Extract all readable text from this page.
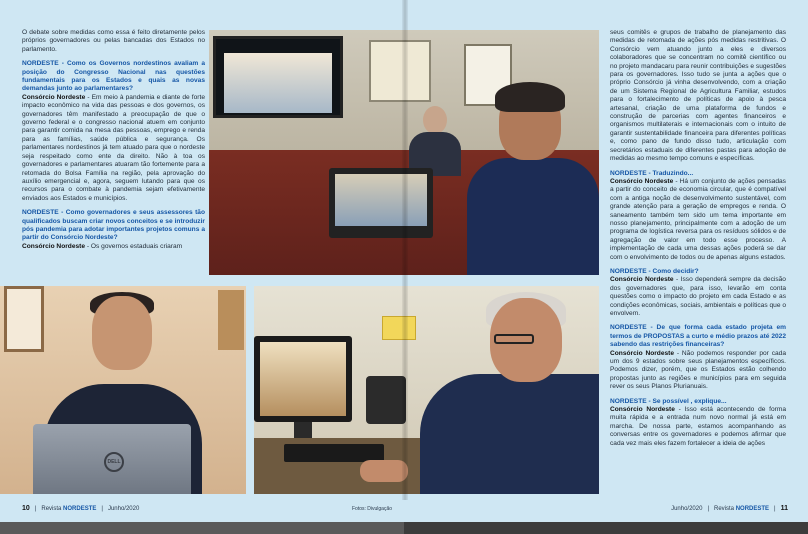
O debate sobre medidas como essa é feito diretamente pelos próprios governadores ou pelas bancadas dos Estados no parlamento.

NORDESTE - Como os Governos nordestinos avaliam a posição do Congresso Nacional nas questões fundamentais para os Estados e quais as novas demandas junto ao parlamentares?
Consórcio Nordeste - Em meio à pandemia e diante de forte impacto econômico na vida das pessoas e dos governos, os governadores têm manifestado a preocupação de que o governo federal e o congresso nacional atuem em conjunto para garantir comida na mesa das pessoas, emprego e renda para as famílias, saúde pública e segurança. Os parlamentares nordestinos já tem atuado para que o nordeste seja respeitado como ente da direito. Não à toa os governadores e parlamentares atuaram tão fortemente para a retomada do Bolsa Família na região, pela aprovação do auxílio emergencial e, agora, seguem lutando para que os recursos para o combate à pandemia sejam efetivamente enviados aos Estados e municípios.

NORDESTE - Como governadores e seus assessores tão qualificados buscam criar novos conceitos e se introduzir pós pandemia para adotar importantes projetos comuns a partir do Consórcio Nordeste?
Consórcio Nordeste - Os governos estaduais criaram

DELL

seus comitês e grupos de trabalho de planejamento das medidas de retomada de ações pós medidas restritivas. O Consórcio vem atuando junto a eles e diversos colaboradores que se concentram no comitê científico ou no projeto mandacaru para reunir contribuições e sugestões para os governadores. Isso tudo se junta a ações que o próprio Consórcio já vinha desenvolvendo, com a criação de um Sistema Regional de Agricultura Familiar, estudos para o fortalecimento de políticas de apoio à pesca artesanal, criação de uma plataforma de fundos e construção de parcerias com agentes financeiros e organismos multilaterais e internacionais com o intuito de garantir sustentabilidade financeira para diferentes políticas e, como pano de fundo disso tudo, articulação com secretários estaduais de diferentes pastas para adoção de medidas ao mesmo tempo comuns e específicas.

NORDESTE - Traduzindo...
Consórcio Nordeste - Há um conjunto de ações pensadas a partir do conceito de economia circular, que é compatível com a antiga noção de desenvolvimento sustentável, com grande atenção para a geração de empregos e renda. O saneamento também tem sido um tema importante em nosso planejamento, principalmente com a adoção de um programa de logística reversa para os resíduos sólidos e de agregação de valor em todo esse processo. A implementação de cada uma dessas ações poderá se dar com o envolvimento de todos ou de apenas alguns estados.

NORDESTE - Como decidir?
Consórcio Nordeste - Isso dependerá sempre da decisão dos governadores que, para isso, levarão em conta questões como o impacto do projeto em cada Estado e as condições econômicas, sociais, ambientais e políticas que o envolvem.

NORDESTE - De que forma cada estado projeta em termos de PROPOSTAS a curto e médio prazos até 2022 sabendo das restrições financeiras?
Consórcio Nordeste - Não podemos responder por cada um dos 9 estados sobre seus planejamentos específicos. Podemos dizer, porém, que os Estados estão colhendo propostas junto as regiões e municípios para em seguida rever os seus Planos Plurianuais.

NORDESTE - Se possível , explique...
Consórcio Nordeste - Isso está acontecendo de forma muita rápida e a entrada num novo normal já está em marcha. De nossa parte, estamos acompanhando as conversas entre os governadores e podemos afirmar que cada vez mais eles fazem fortalecer a ideia de ações

10   |   Revista NORDESTE   |   Junho/2020	Fotos: Divulgação	Junho/2020   |   Revista NORDESTE   |   11
